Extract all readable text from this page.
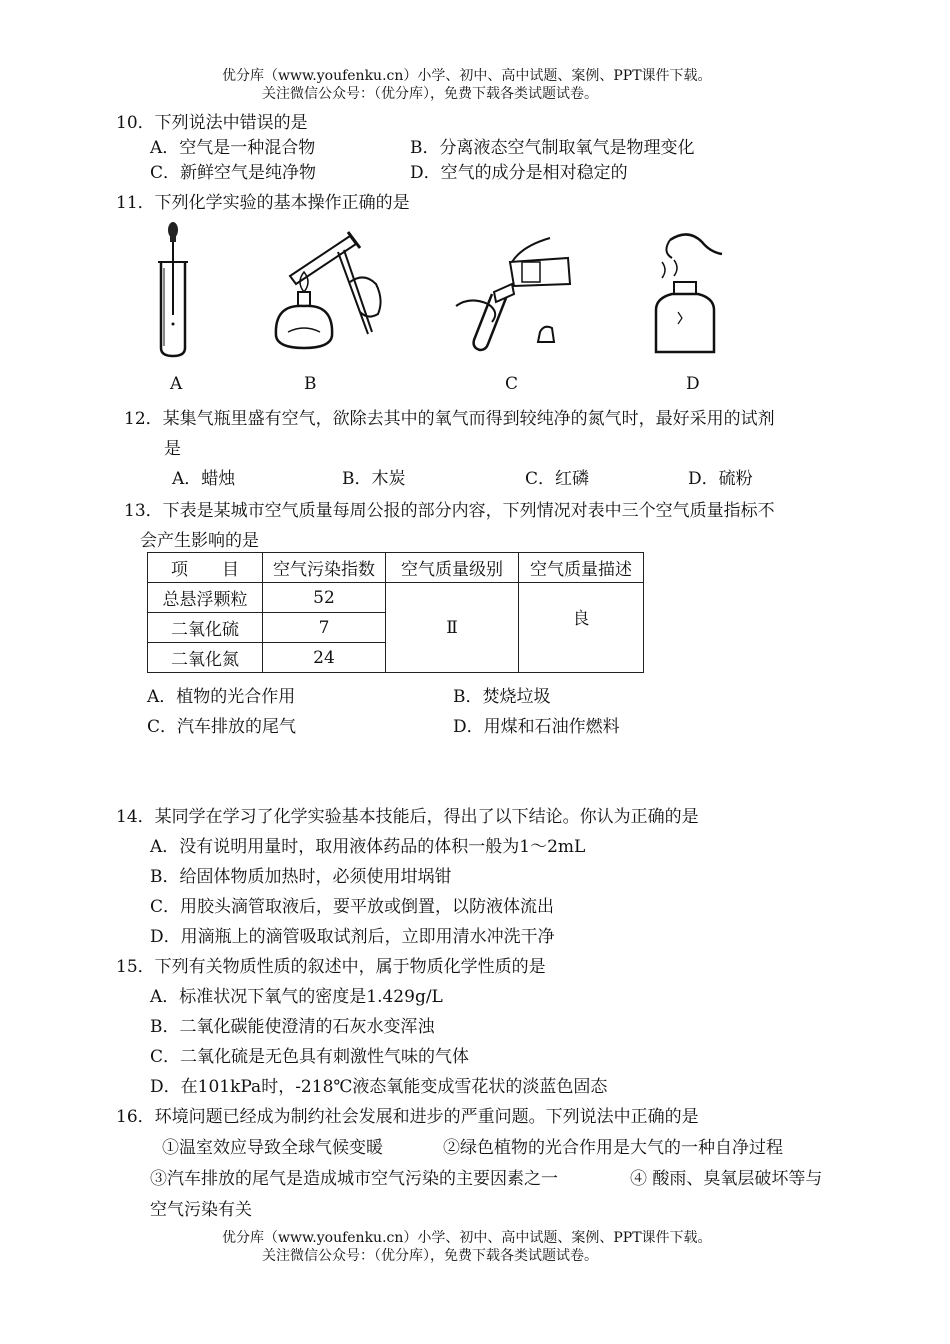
优分库（www.youfenku.cn）小学、初中、高中试题、案例、PPT课件下载。
关注微信公众号：（优分库），免费下载各类试题试卷。
10．下列说法中错误的是
A．空气是一种混合物	B．分离液态空气制取氧气是物理变化
C．新鲜空气是纯净物	D．空气的成分是相对稳定的
11．下列化学实验的基本操作正确的是
A	B	C	D
12．某集气瓶里盛有空气，欲除去其中的氧气而得到较纯净的氮气时，最好采用的试剂
是
A．蜡烛	B．木炭	C．红磷	D．硫粉
13．下表是某城市空气质量每周公报的部分内容，下列情况对表中三个空气质量指标不
会产生影响的是
项　　目	空气污染指数	空气质量级别	空气质量描述
总悬浮颗粒	52	Ⅱ	良
二氧化硫	7		
二氧化氮	24		
A．植物的光合作用	B．焚烧垃圾
C．汽车排放的尾气	D．用煤和石油作燃料
14．某同学在学习了化学实验基本技能后，得出了以下结论。你认为正确的是
A．没有说明用量时，取用液体药品的体积一般为1～2mL
B．给固体物质加热时，必须使用坩埚钳
C．用胶头滴管取液后，要平放或倒置，以防液体流出
D．用滴瓶上的滴管吸取试剂后，立即用清水冲洗干净
15．下列有关物质性质的叙述中，属于物质化学性质的是
A．标准状况下氧气的密度是1.429g/L
B．二氧化碳能使澄清的石灰水变浑浊
C．二氧化硫是无色具有刺激性气味的气体
D．在101kPa时，-218℃液态氧能变成雪花状的淡蓝色固态
16．环境问题已经成为制约社会发展和进步的严重问题。下列说法中正确的是
①温室效应导致全球气候变暖	②绿色植物的光合作用是大气的一种自净过程
③汽车排放的尾气是造成城市空气污染的主要因素之一	④ 酸雨、臭氧层破坏等与
空气污染有关
优分库（www.youfenku.cn）小学、初中、高中试题、案例、PPT课件下载。
关注微信公众号：（优分库），免费下载各类试题试卷。
